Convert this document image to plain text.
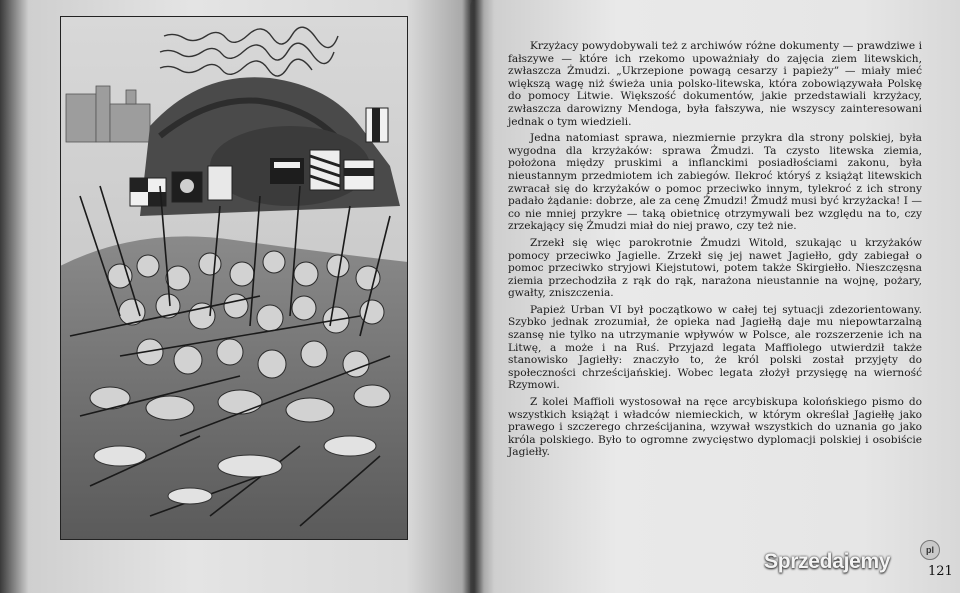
Krzyżacy powydobywali też z archiwów różne dokumenty — prawdziwe i fałszywe — które ich rzekomo upoważniały do zajęcia ziem litewskich, zwłaszcza Żmudzi. „Ukrzepione powagą cesarzy i papieży” — miały mieć większą wagę niż świeża unia polsko-litewska, która zobowiązywała Polskę do pomocy Litwie. Większość dokumentów, jakie przedstawiali krzyżacy, zwłaszcza darowizny Mendoga, była fałszywa, nie wszyscy zainteresowani jednak o tym wiedzieli.

Jedna natomiast sprawa, niezmiernie przykra dla strony polskiej, była wygodna dla krzyżaków: sprawa Żmudzi. Ta czysto litewska ziemia, położona między pruskimi a inflanckimi posiadłościami zakonu, była nieustannym przedmiotem ich zabiegów. Ilekroć któryś z książąt litewskich zwracał się do krzyżaków o pomoc przeciwko innym, tylekroć z ich strony padało żądanie: dobrze, ale za cenę Żmudzi! Żmudź musi być krzyżacka! I — co nie mniej przykre — taką obietnicę otrzymywali bez względu na to, czy zrzekający się Żmudzi miał do niej prawo, czy też nie.

Zrzekł się więc parokrotnie Żmudzi Witold, szukając u krzyżaków pomocy przeciwko Jagielle. Zrzekł się jej nawet Jagiełło, gdy zabiegał o pomoc przeciwko stryjowi Kiejstutowi, potem także Skirgiełło. Nieszczęsna ziemia przechodziła z rąk do rąk, narażona nieustannie na wojnę, pożary, gwałty, zniszczenia.

Papież Urban VI był początkowo w całej tej sytuacji zdezorientowany. Szybko jednak zrozumiał, że opieka nad Jagiełłą daje mu niepowtarzalną szansę nie tylko na utrzymanie wpływów w Polsce, ale rozszerzenie ich na Litwę, a może i na Ruś. Przyjazd legata Maffiolego utwierdził także stanowisko Jagiełły: znaczyło to, że król polski został przyjęty do społeczności chrześcijańskiej. Wobec legata złożył przysięgę na wierność Rzymowi.

Z kolei Maffioli wystosował na ręce arcybiskupa kolońskiego pismo do wszystkich książąt i władców niemieckich, w którym określał Jagiełłę jako prawego i szczerego chrześcijanina, wzywał wszystkich do uznania go jako króla polskiego. Było to ogromne zwycięstwo dyplomacji polskiej i osobiście Jagiełły.

Sprzedajemy	pl
121
